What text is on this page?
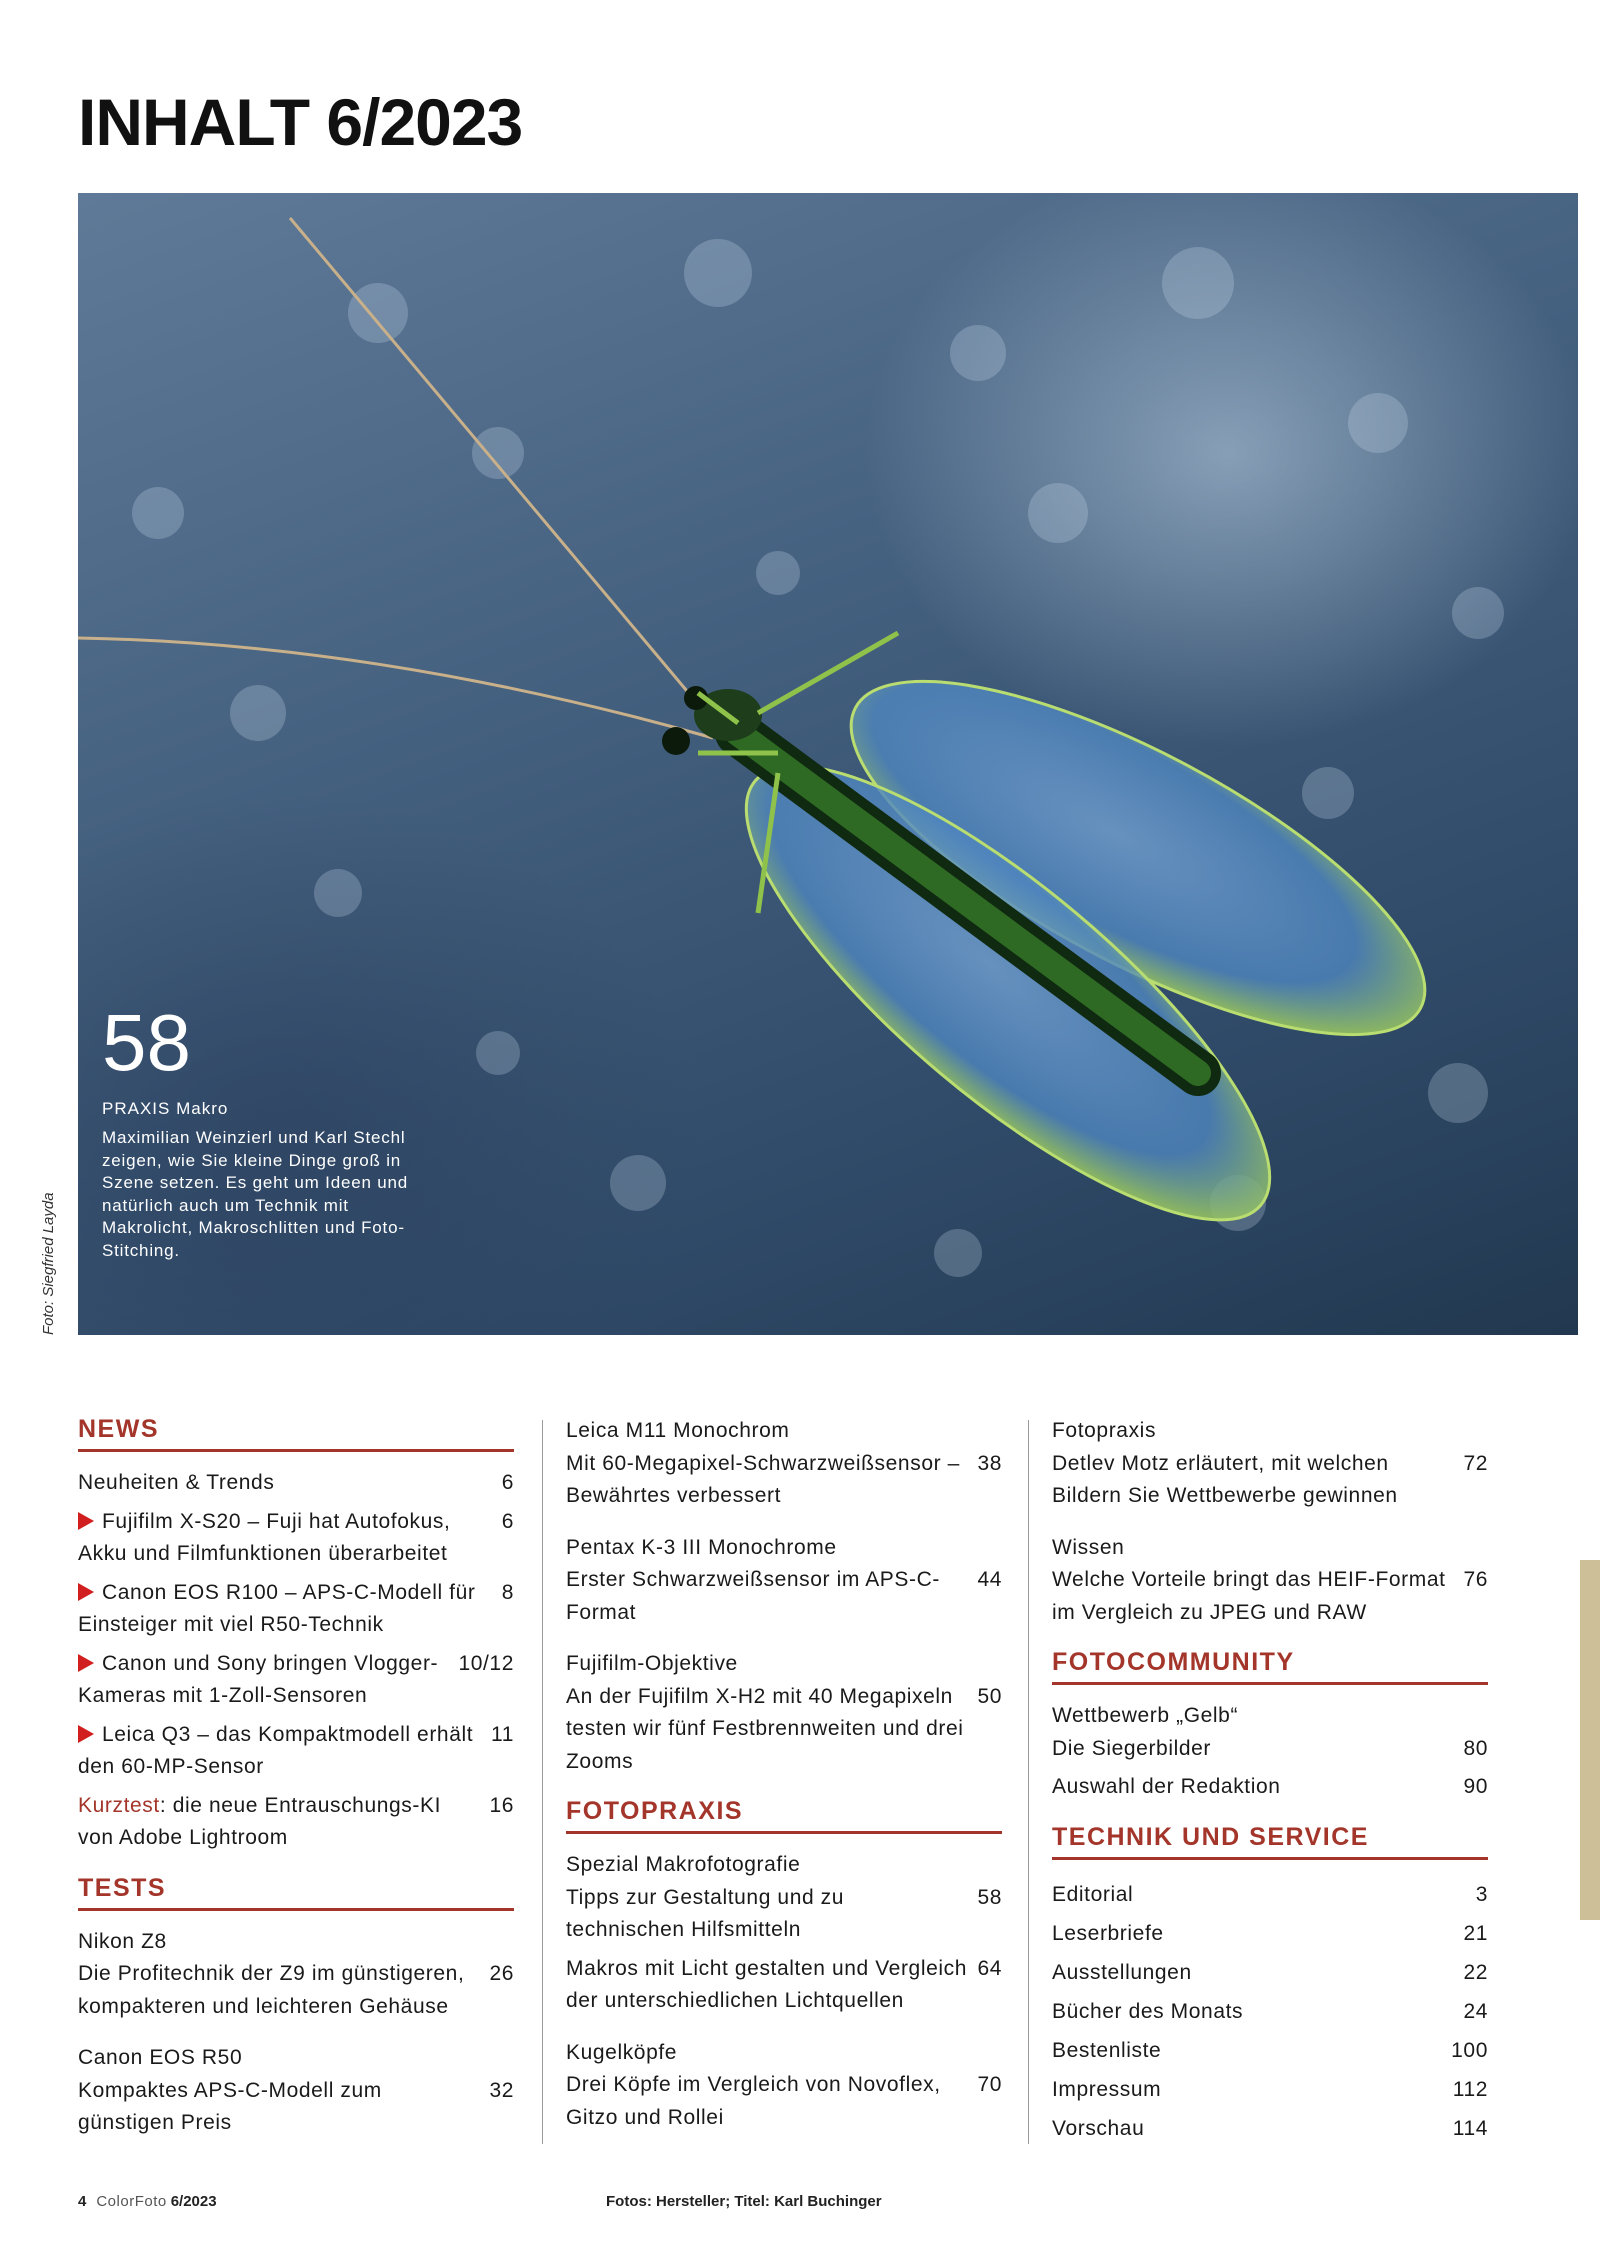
INHALT 6/2023
58
PRAXIS Makro
Maximilian Weinzierl und Karl Stechl zeigen, wie Sie kleine Dinge groß in Szene setzen. Es geht um Ideen und natürlich auch um Technik mit Makrolicht, Makroschlitten und Foto-Stitching.
Foto: Siegfried Layda
NEWS
Neuheiten & Trends	6
Fujifilm X-S20 – Fuji hat Autofokus, Akku und Filmfunktionen überarbeitet
6
Canon EOS R100 – APS-C-Modell für Einsteiger mit viel R50-Technik
8
Canon und Sony bringen Vlogger-Kameras mit 1-Zoll-Sensoren
10/12
Leica Q3 – das Kompaktmodell erhält den 60-MP-Sensor
11
Kurztest: die neue Entrauschungs-KI von Adobe Lightroom
16
TESTS
Nikon Z8
Die Profitechnik der Z9 im günstigeren, kompakteren und leichteren Gehäuse
26
Canon EOS R50
Kompaktes APS-C-Modell zum günstigen Preis
32
Leica M11 Monochrom
Mit 60-Megapixel-Schwarzweißsensor – Bewährtes verbessert
38
Pentax K-3 III Monochrome
Erster Schwarzweißsensor im APS-C-Format
44
Fujifilm-Objektive
An der Fujifilm X-H2 mit 40 Megapixeln testen wir fünf Festbrennweiten und drei Zooms
50
FOTOPRAXIS
Spezial Makrofotografie
Tipps zur Gestaltung und zu technischen Hilfsmitteln
58
Makros mit Licht gestalten und Vergleich der unterschiedlichen Lichtquellen
64
Kugelköpfe
Drei Köpfe im Vergleich von Novoflex, Gitzo und Rollei
70
Fotopraxis
Detlev Motz erläutert, mit welchen Bildern Sie Wettbewerbe gewinnen
72
Wissen
Welche Vorteile bringt das HEIF-Format im Vergleich zu JPEG und RAW
76
FOTOCOMMUNITY
Wettbewerb „Gelb“
Die Siegerbilder	80
Auswahl der Redaktion	90
TECHNIK UND SERVICE
Editorial	3
Leserbriefe	21
Ausstellungen	22
Bücher des Monats	24
Bestenliste	100
Impressum	112
Vorschau	114
4 ColorFoto 6/2023	Fotos: Hersteller; Titel: Karl Buchinger
